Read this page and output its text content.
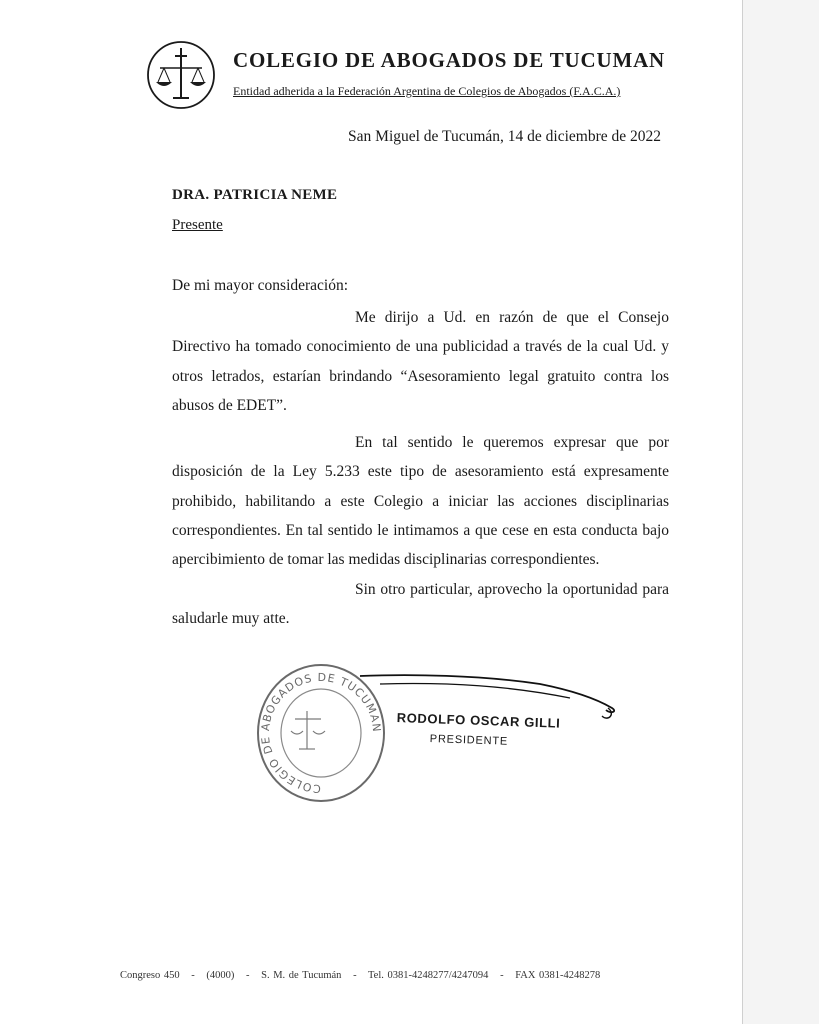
COLEGIO DE ABOGADOS DE TUCUMAN
Entidad adherida a la Federación Argentina de Colegios de Abogados (F.A.C.A.)
San Miguel de Tucumán, 14 de diciembre de 2022
DRA. PATRICIA NEME
Presente
De mi mayor consideración:

Me dirijo a Ud. en razón de que el Consejo Directivo ha tomado conocimiento de una publicidad a través de la cual Ud. y otros letrados, estarían brindando “Asesoramiento legal gratuito contra los abusos de EDET”.

En tal sentido le queremos expresar que por disposición de la Ley 5.233 este tipo de asesoramiento está expresamente prohibido, habilitando a este Colegio a iniciar las acciones disciplinarias correspondientes. En tal sentido le intimamos a que cese en esta conducta bajo apercibimiento de tomar las medidas disciplinarias correspondientes.

Sin otro particular, aprovecho la oportunidad para saludarle muy atte.

COLEGIO DE ABOGADOS DE TUCUMAN RODOLFO OSCAR GILLI
PRESIDENTE
Congreso 450 - (4000) - S. M. de Tucumán - Tel. 0381-4248277/4247094 - FAX 0381-4248278
